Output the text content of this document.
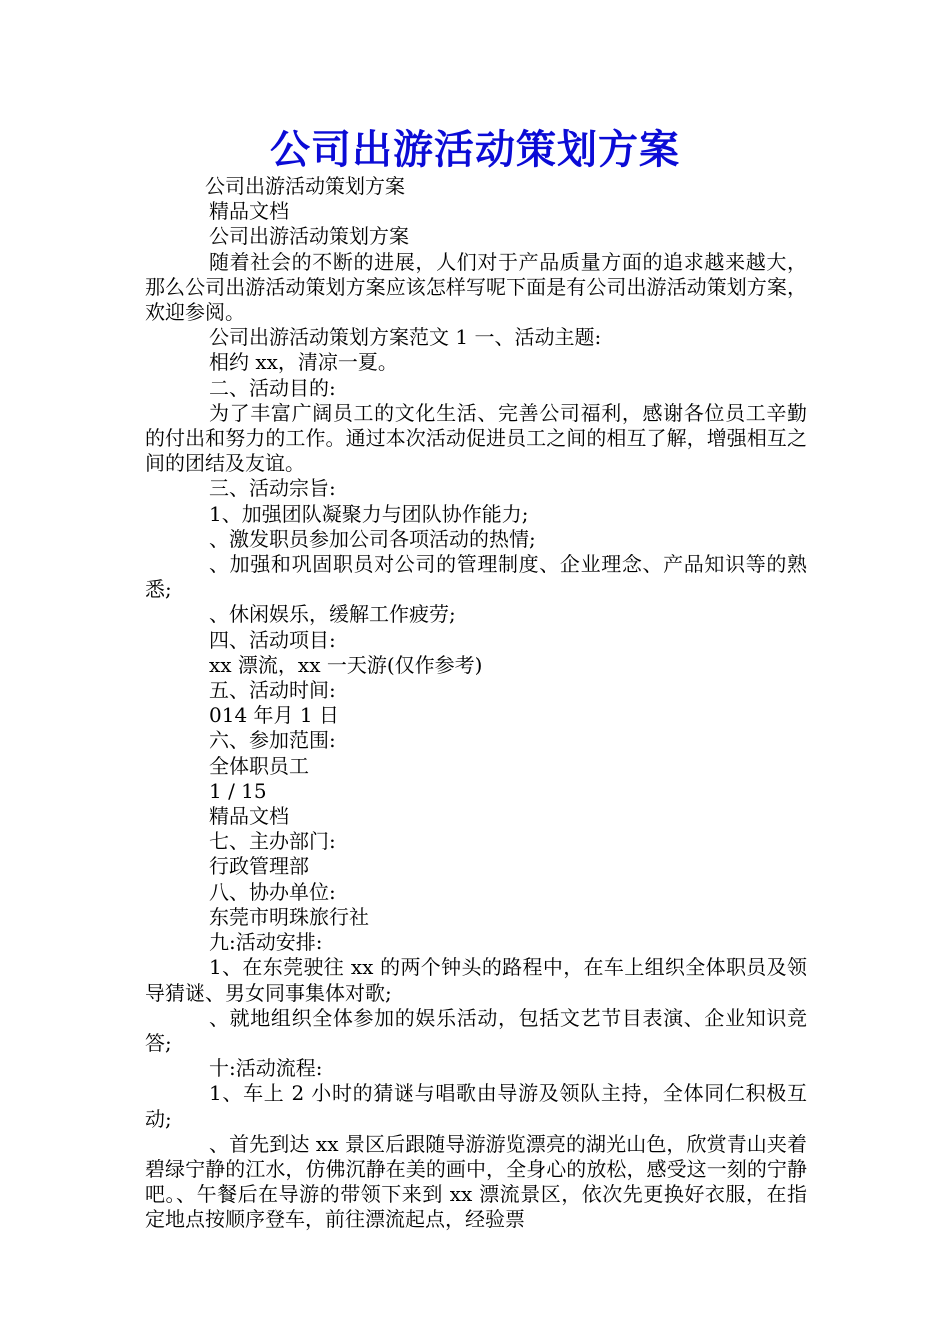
公司出游活动策划方案
公司出游活动策划方案
精品文档
公司出游活动策划方案
随着社会的不断的进展，人们对于产品质量方面的追求越来越大，那么公司出游活动策划方案应该怎样写呢下面是有公司出游活动策划方案，欢迎参阅。
公司出游活动策划方案范文 1 一、活动主题:
相约 xx，清凉一夏。
二、活动目的:
为了丰富广阔员工的文化生活、完善公司福利，感谢各位员工辛勤的付出和努力的工作。通过本次活动促进员工之间的相互了解，增强相互之间的团结及友谊。
三、活动宗旨:
1、加强团队凝聚力与团队协作能力;
、激发职员参加公司各项活动的热情;
、加强和巩固职员对公司的管理制度、企业理念、产品知识等的熟悉;
、休闲娱乐，缓解工作疲劳;
四、活动项目:
xx 漂流，xx 一天游(仅作参考)
五、活动时间:
014 年月 1 日
六、参加范围:
全体职员工
1 / 15
精品文档
七、主办部门:
行政管理部
八、协办单位:
东莞市明珠旅行社
九:活动安排:
1、在东莞驶往 xx 的两个钟头的路程中，在车上组织全体职员及领导猜谜、男女同事集体对歌;
、就地组织全体参加的娱乐活动，包括文艺节目表演、企业知识竞答;
十:活动流程:
1、车上 2 小时的猜谜与唱歌由导游及领队主持，全体同仁积极互动;
、首先到达 xx 景区后跟随导游游览漂亮的湖光山色，欣赏青山夹着碧绿宁静的江水，仿佛沉静在美的画中，全身心的放松，感受这一刻的宁静吧。、午餐后在导游的带领下来到 xx 漂流景区，依次先更换好衣服，在指定地点按顺序登车，前往漂流起点，经验票
